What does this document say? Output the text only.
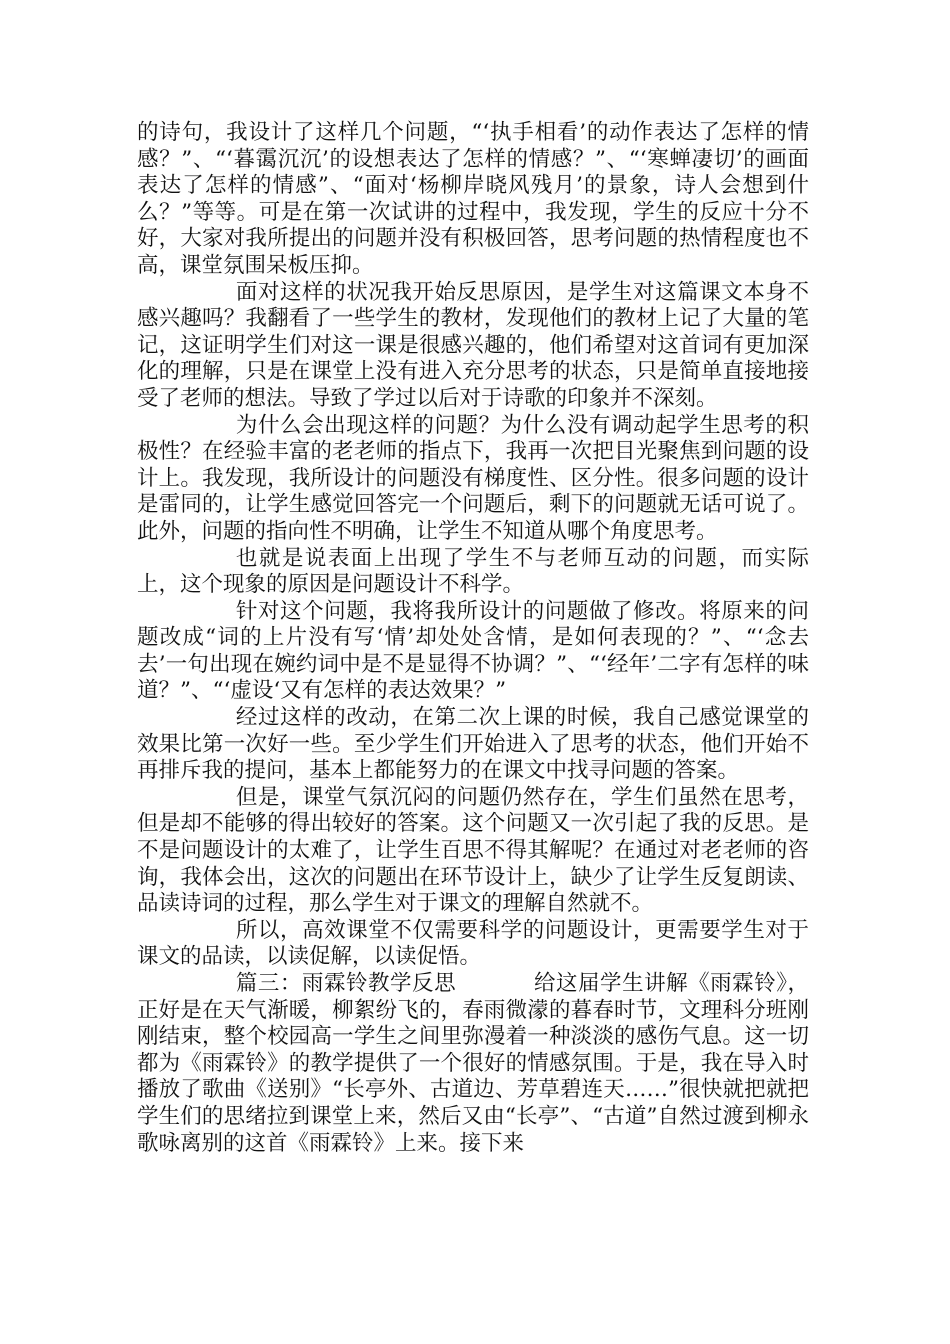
的诗句，我设计了这样几个问题，“‘执手相看’的动作表达了怎样的情感？”、“‘暮霭沉沉’的设想表达了怎样的情感？”、“‘寒蝉凄切’的画面表达了怎样的情感”、“面对‘杨柳岸晓风残月’的景象，诗人会想到什么？”等等。可是在第一次试讲的过程中，我发现，学生的反应十分不好，大家对我所提出的问题并没有积极回答，思考问题的热情程度也不高，课堂氛围呆板压抑。

面对这样的状况我开始反思原因，是学生对这篇课文本身不感兴趣吗？我翻看了一些学生的教材，发现他们的教材上记了大量的笔记，这证明学生们对这一课是很感兴趣的，他们希望对这首词有更加深化的理解，只是在课堂上没有进入充分思考的状态，只是简单直接地接受了老师的想法。导致了学过以后对于诗歌的印象并不深刻。

为什么会出现这样的问题？为什么没有调动起学生思考的积极性？在经验丰富的老老师的指点下，我再一次把目光聚焦到问题的设计上。我发现，我所设计的问题没有梯度性、区分性。很多问题的设计是雷同的，让学生感觉回答完一个问题后，剩下的问题就无话可说了。此外，问题的指向性不明确，让学生不知道从哪个角度思考。

也就是说表面上出现了学生不与老师互动的问题，而实际上，这个现象的原因是问题设计不科学。

针对这个问题，我将我所设计的问题做了修改。将原来的问题改成“词的上片没有写‘情’却处处含情，是如何表现的？”、“‘念去去’一句出现在婉约词中是不是显得不协调？”、“‘经年’二字有怎样的味道？”、“‘虚设‘又有怎样的表达效果？”

经过这样的改动，在第二次上课的时候，我自己感觉课堂的效果比第一次好一些。至少学生们开始进入了思考的状态，他们开始不再排斥我的提问，基本上都能努力的在课文中找寻问题的答案。

但是，课堂气氛沉闷的问题仍然存在，学生们虽然在思考，但是却不能够的得出较好的答案。这个问题又一次引起了我的反思。是不是问题设计的太难了，让学生百思不得其解呢？在通过对老老师的咨询，我体会出，这次的问题出在环节设计上，缺少了让学生反复朗读、品读诗词的过程，那么学生对于课文的理解自然就不。

所以，高效课堂不仅需要科学的问题设计，更需要学生对于课文的品读，以读促解，以读促悟。

篇三：雨霖铃教学反思	给这届学生讲解《雨霖铃》，正好是在天气渐暖，柳絮纷飞的，春雨微濛的暮春时节，文理科分班刚刚结束，整个校园高一学生之间里弥漫着一种淡淡的感伤气息。这一切都为《雨霖铃》的教学提供了一个很好的情感氛围。于是，我在导入时播放了歌曲《送别》“长亭外、古道边、芳草碧连天……”很快就把就把学生们的思绪拉到课堂上来，然后又由“长亭”、“古道”自然过渡到柳永歌咏离别的这首《雨霖铃》上来。接下来
